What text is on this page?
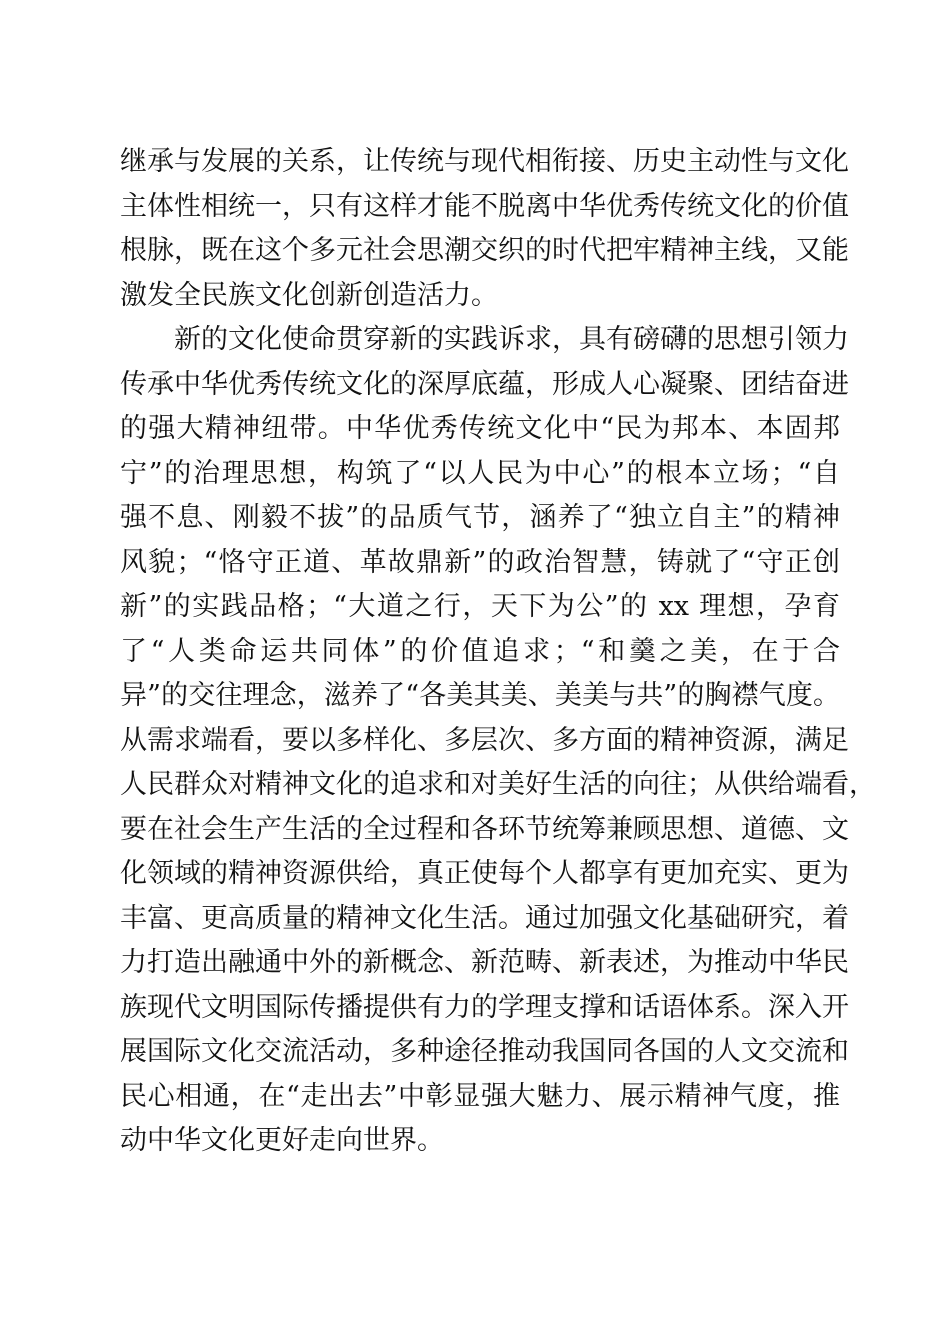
继承与发展的关系，让传统与现代相衔接、历史主动性与文化
主体性相统一，只有这样才能不脱离中华优秀传统文化的价值
根脉，既在这个多元社会思潮交织的时代把牢精神主线，又能
激发全民族文化创新创造活力。
　　新的文化使命贯穿新的实践诉求，具有磅礴的思想引领力
传承中华优秀传统文化的深厚底蕴，形成人心凝聚、团结奋进
的强大精神纽带。中华优秀传统文化中“民为邦本、本固邦
宁”的治理思想，构筑了“以人民为中心”的根本立场；“自
强不息、刚毅不拔”的品质气节，涵养了“独立自主”的精神
风貌；“恪守正道、革故鼎新”的政治智慧，铸就了“守正创
新”的实践品格；“大道之行，天下为公”的 xx 理想，孕育
了“人类命运共同体”的价值追求；“和羹之美，在于合
异”的交往理念，滋养了“各美其美、美美与共”的胸襟气度。
从需求端看，要以多样化、多层次、多方面的精神资源，满足
人民群众对精神文化的追求和对美好生活的向往；从供给端看，
要在社会生产生活的全过程和各环节统筹兼顾思想、道德、文
化领域的精神资源供给，真正使每个人都享有更加充实、更为
丰富、更高质量的精神文化生活。通过加强文化基础研究，着
力打造出融通中外的新概念、新范畴、新表述，为推动中华民
族现代文明国际传播提供有力的学理支撑和话语体系。深入开
展国际文化交流活动，多种途径推动我国同各国的人文交流和
民心相通，在“走出去”中彰显强大魅力、展示精神气度，推
动中华文化更好走向世界。
